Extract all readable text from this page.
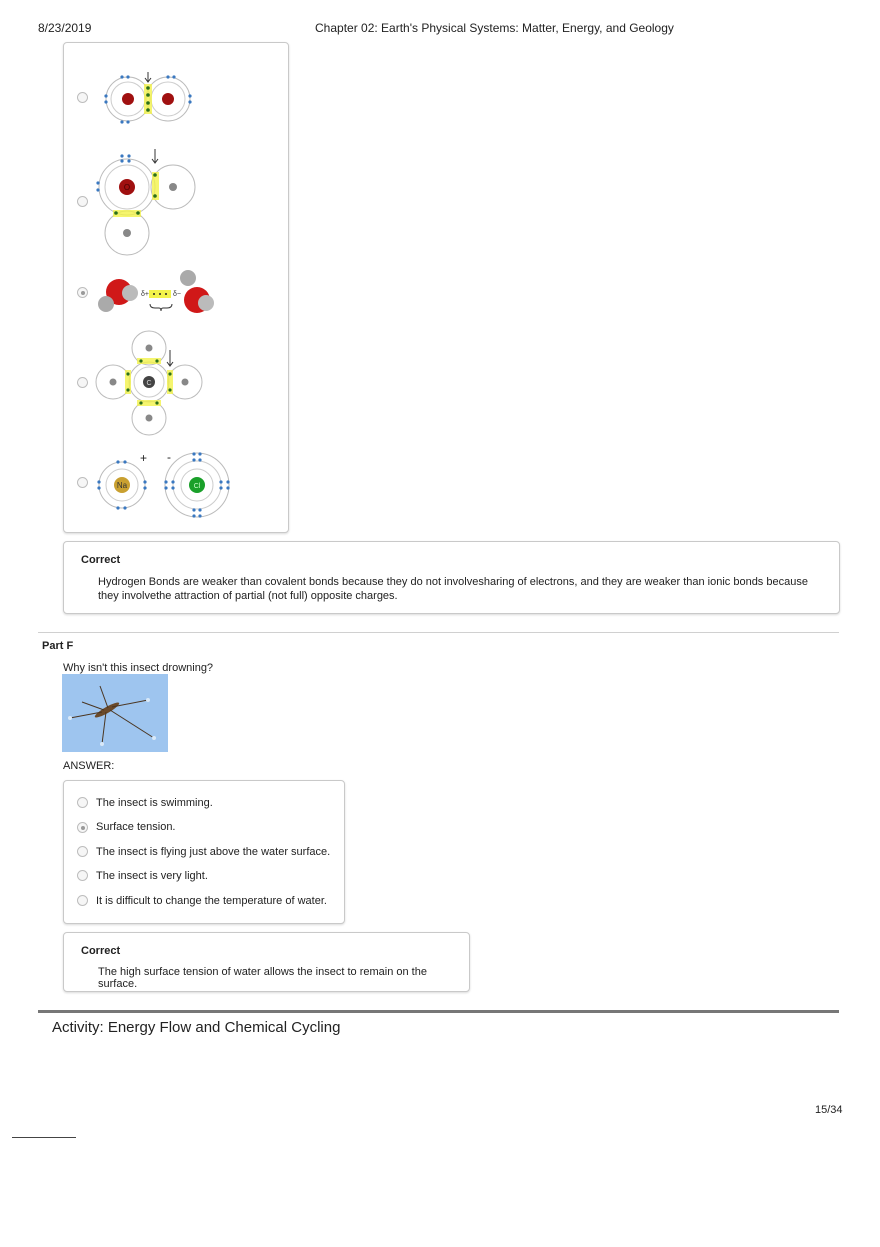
8/23/2019	Chapter 02: Earth's Physical Systems: Matter, Energy, and Geology
O
δ+	δ−
C
Na
+
Cl
-
Correct
Hydrogen Bonds are weaker than covalent bonds because they do not involvesharing of electrons, and they are weaker than ionic bonds because they involvethe attraction of partial (not full) opposite charges.
Part F
Why isn't this insect drowning?
ANSWER:
The insect is swimming.
Surface tension.
The insect is flying just above the water surface.
The insect is very light.
It is difficult to change the temperature of water.
Correct
The high surface tension of water allows the insect to remain on the surface.
Activity: Energy Flow and Chemical Cycling
15/34
